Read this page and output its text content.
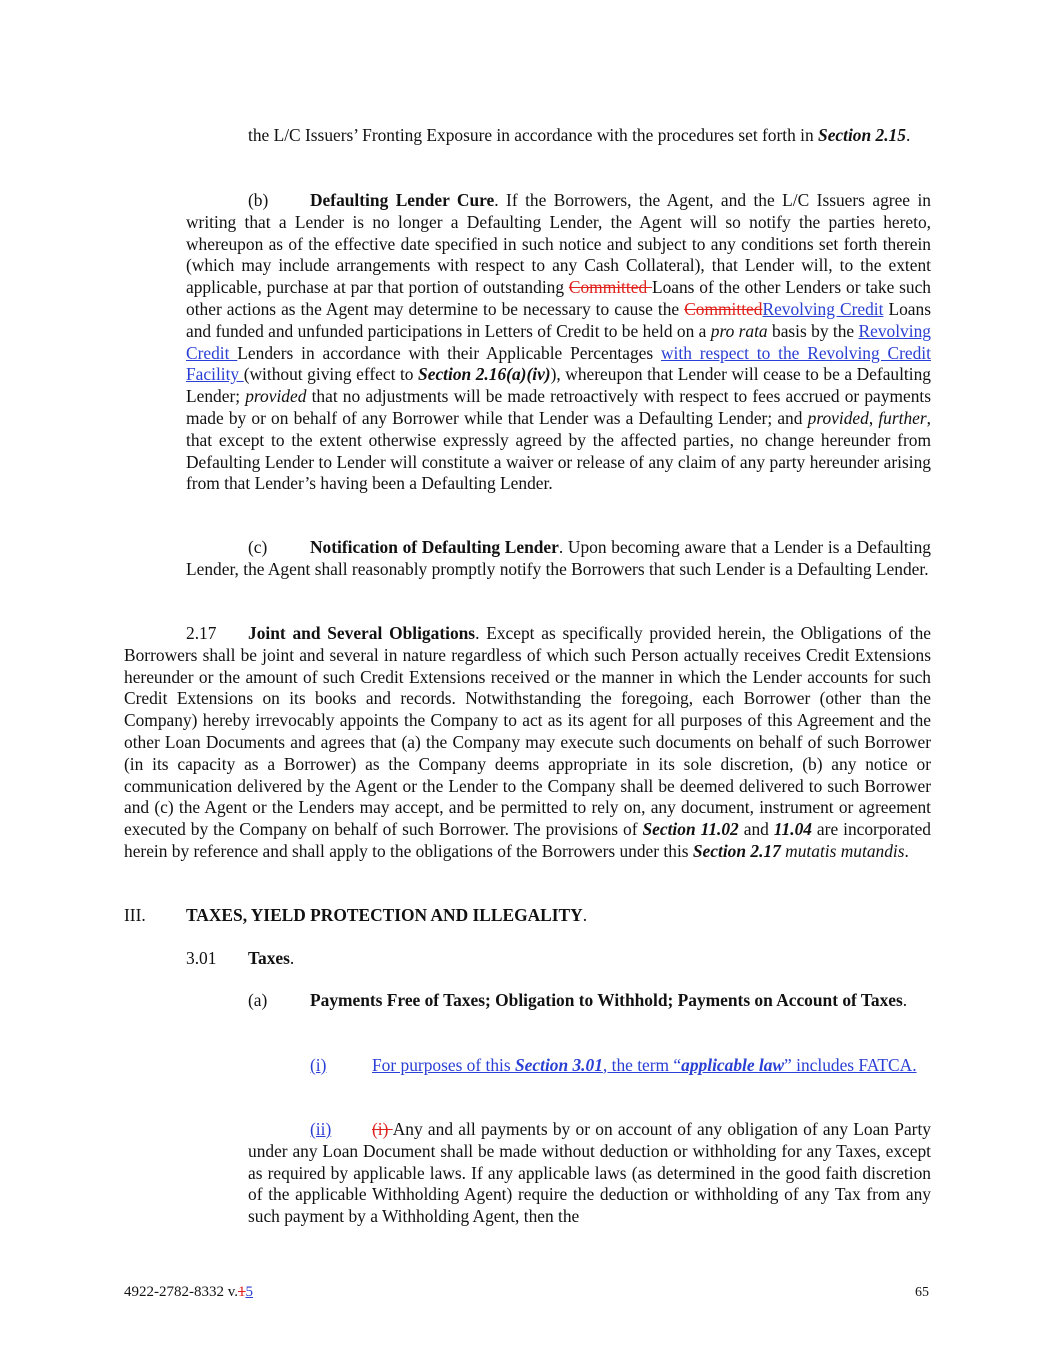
the L/C Issuers’ Fronting Exposure in accordance with the procedures set forth in Section 2.15.

(b) Defaulting Lender Cure. If the Borrowers, the Agent, and the L/C Issuers agree in writing that a Lender is no longer a Defaulting Lender, the Agent will so notify the parties hereto, whereupon as of the effective date specified in such notice and subject to any conditions set forth therein (which may include arrangements with respect to any Cash Collateral), that Lender will, to the extent applicable, purchase at par that portion of outstanding Committed Loans of the other Lenders or take such other actions as the Agent may determine to be necessary to cause the CommittedRevolving Credit Loans and funded and unfunded participations in Letters of Credit to be held on a pro rata basis by the Revolving Credit Lenders in accordance with their Applicable Percentages with respect to the Revolving Credit Facility (without giving effect to Section 2.16(a)(iv)), whereupon that Lender will cease to be a Defaulting Lender; provided that no adjustments will be made retroactively with respect to fees accrued or payments made by or on behalf of any Borrower while that Lender was a Defaulting Lender; and provided, further, that except to the extent otherwise expressly agreed by the affected parties, no change hereunder from Defaulting Lender to Lender will constitute a waiver or release of any claim of any party hereunder arising from that Lender’s having been a Defaulting Lender.

(c) Notification of Defaulting Lender. Upon becoming aware that a Lender is a Defaulting Lender, the Agent shall reasonably promptly notify the Borrowers that such Lender is a Defaulting Lender.

2.17 Joint and Several Obligations. Except as specifically provided herein, the Obligations of the Borrowers shall be joint and several in nature regardless of which such Person actually receives Credit Extensions hereunder or the amount of such Credit Extensions received or the manner in which the Lender accounts for such Credit Extensions on its books and records. Notwithstanding the foregoing, each Borrower (other than the Company) hereby irrevocably appoints the Company to act as its agent for all purposes of this Agreement and the other Loan Documents and agrees that (a) the Company may execute such documents on behalf of such Borrower (in its capacity as a Borrower) as the Company deems appropriate in its sole discretion, (b) any notice or communication delivered by the Agent or the Lender to the Company shall be deemed delivered to such Borrower and (c) the Agent or the Lenders may accept, and be permitted to rely on, any document, instrument or agreement executed by the Company on behalf of such Borrower. The provisions of Section 11.02 and 11.04 are incorporated herein by reference and shall apply to the obligations of the Borrowers under this Section 2.17 mutatis mutandis.

III. TAXES, YIELD PROTECTION AND ILLEGALITY.

3.01 Taxes.

(a) Payments Free of Taxes; Obligation to Withhold; Payments on Account of Taxes.

(i)	For purposes of this Section 3.01, the term “applicable law” includes FATCA.

(ii) (i) Any and all payments by or on account of any obligation of any Loan Party under any Loan Document shall be made without deduction or withholding for any Taxes, except as required by applicable laws. If any applicable laws (as determined in the good faith discretion of the applicable Withholding Agent) require the deduction or withholding of any Tax from any such payment by a Withholding Agent, then the

4922-2782-8332 v.15	65
